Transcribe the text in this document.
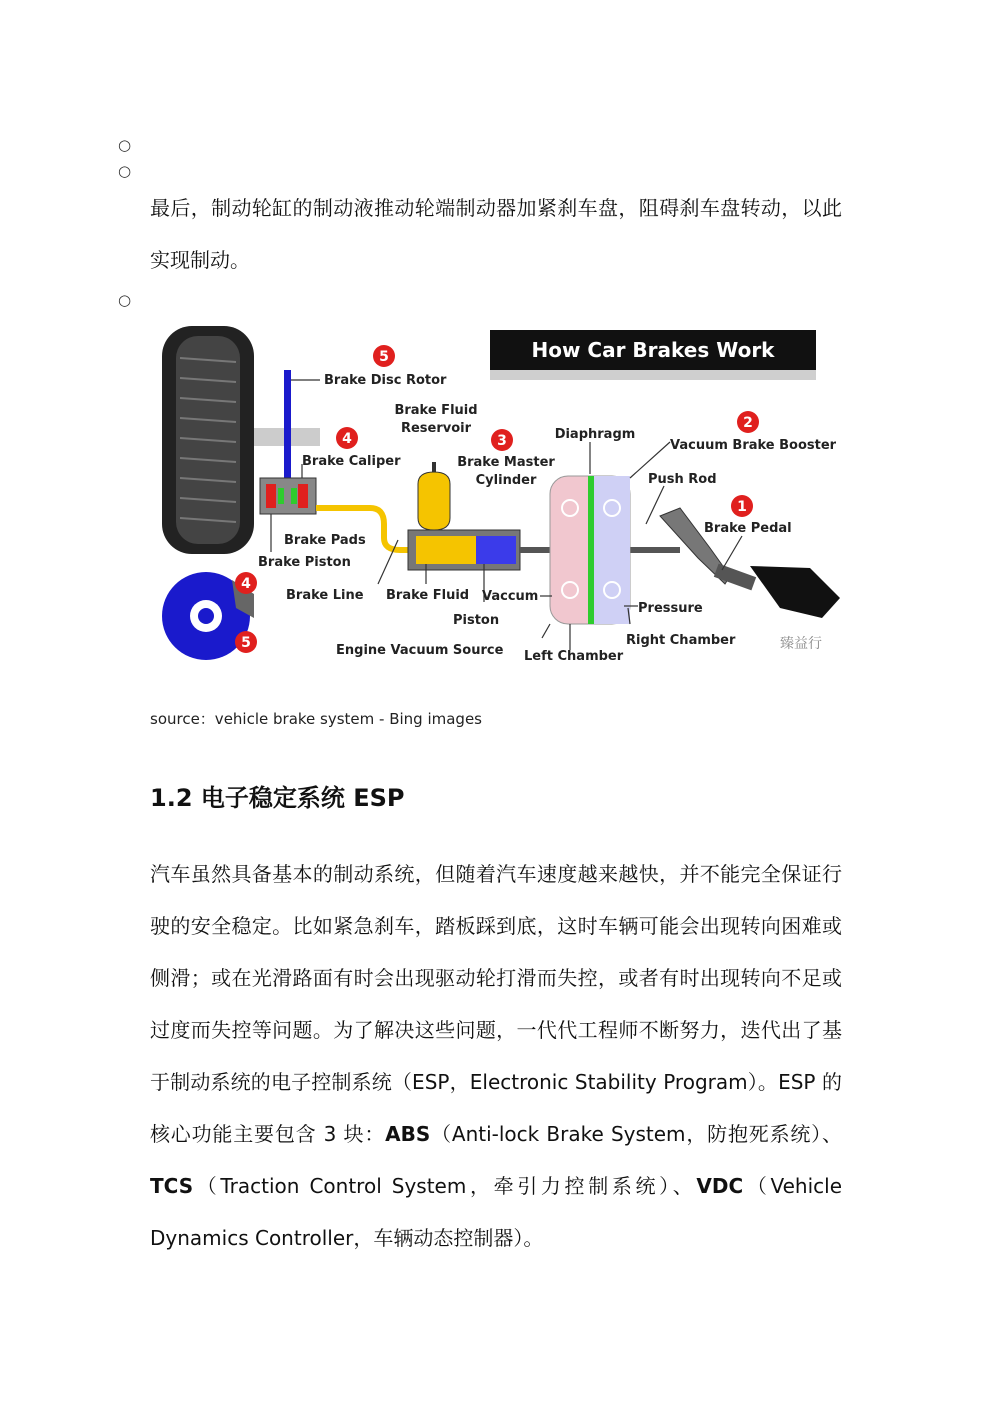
○
○
最后，制动轮缸的制动液推动轮端制动器加紧刹车盘，阻碍刹车盘转动，以此实现制动。
○
How Car Brakes Work
5
4	3
2
1
4
5
Brake Disc Rotor
Brake Fluid
Reservoir
Brake Caliper	Brake Master
Cylinder
Diaphragm
Vacuum Brake Booster
Push Rod
Brake Pedal
Brake Pads
Brake Piston
Brake Line Brake Fluid Vaccum
Piston
Pressure
Right Chamber
Engine Vacuum Source Left Chamber
臻益行
source：vehicle brake system - Bing images
1.2 电子稳定系统 ESP
汽车虽然具备基本的制动系统，但随着汽车速度越来越快，并不能完全保证行驶的安全稳定。比如紧急刹车，踏板踩到底，这时车辆可能会出现转向困难或侧滑；或在光滑路面有时会出现驱动轮打滑而失控，或者有时出现转向不足或过度而失控等问题。为了解决这些问题，一代代工程师不断努力，迭代出了基于制动系统的电子控制系统（ESP，Electronic Stability Program）。ESP 的核心功能主要包含 3 块：ABS（Anti-lock Brake System，防抱死系统）、TCS（Traction Control System，牵引力控制系统）、VDC（Vehicle Dynamics Controller，车辆动态控制器）。
